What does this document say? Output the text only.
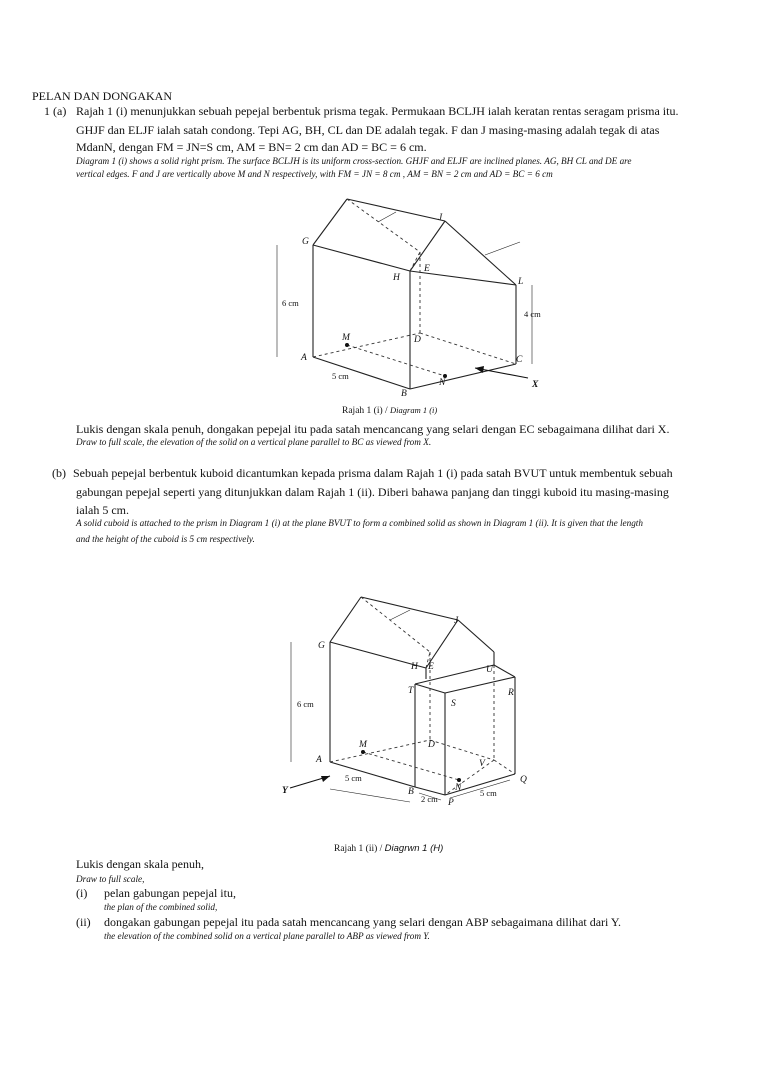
PELAN DAN DONGAKAN
1 (a) Rajah 1 (i) menunjukkan sebuah pepejal berbentuk prisma tegak. Permukaan BCLJH ialah keratan rentas seragam prisma itu.
GHJF dan ELJF ialah satah condong. Tepi AG, BH, CL dan DE adalah tegak. F dan J masing-masing adalah tegak di atas
MdanN, dengan FM = JN=S cm, AM = BN= 2 cm dan AD = BC = 6 cm.
Diagram 1 (i) shows a solid right prism. The surface BCLJH is its uniform cross-section. GHJF and ELJF are inclined planes. AG, BH CL and DE are
vertical edges. F and J are vertically above M and N respectively, with FM = JN = 8 cm , AM = BN = 2 cm and AD = BC = 6 cm
G
J
E
H	L
M	D
A	C
B
N	X
6 cm
4 cm
5 cm
Rajah 1 (i) / Diagram 1 (i)
Lukis dengan skala penuh, dongakan pepejal itu pada satah mencancang yang selari dengan EC sebagaimana dilihat dari X.
Draw to full scale, the elevation of the solid on a vertical plane parallel to BC as viewed from X.
(b) Sebuah pepejal berbentuk kuboid dicantumkan kepada prisma dalam Rajah 1 (i) pada satah BVUT untuk membentuk sebuah
gabungan pepejal seperti yang ditunjukkan dalam Rajah 1 (ii). Diberi bahawa panjang dan tinggi kuboid itu masing-masing
ialah 5 cm.
A solid cuboid is attached to the prism in Diagram 1 (i) at the plane BVUT to form a combined solid as shown in Diagram 1 (ii). It is given that the length
and the height of the cuboid is 5 cm respectively.
G
J
H E	U
T	R
S
M	D
A	V
Q
B	N
P
Y
6 cm
5 cm
2 cm
5 cm
Rajah 1 (ii) / Diagrwn 1 (H)
Lukis dengan skala penuh,
Draw to full scale,
(i) pelan gabungan pepejal itu,
the plan of the combined solid,
(ii) dongakan gabungan pepejal itu pada satah mencancang yang selari dengan ABP sebagaimana dilihat dari Y.
the elevation of the combined solid on a vertical plane parallel to ABP as viewed from Y.
